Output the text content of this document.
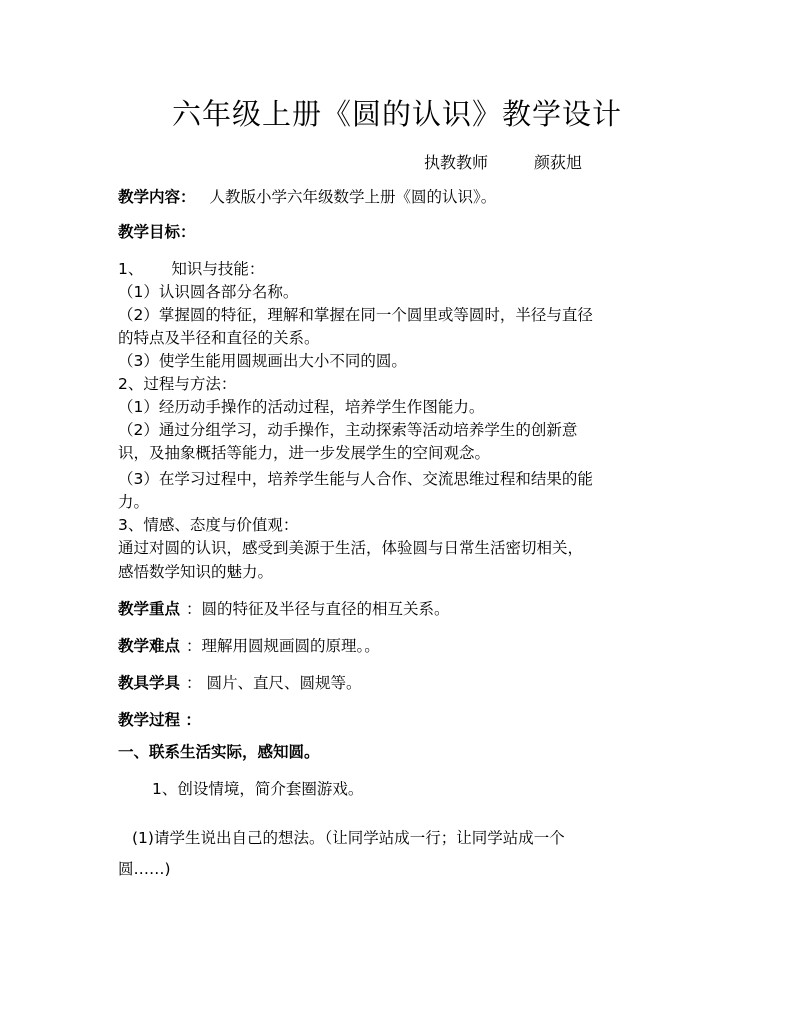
六年级上册《圆的认识》教学设计
执教教师	颜荻旭
教学内容： 人教版小学六年级数学上册《圆的认识》。
教学目标：
1、 知识与技能：
（1）认识圆各部分名称。
（2）掌握圆的特征，理解和掌握在同一个圆里或等圆时，半径与直径
的特点及半径和直径的关系。
（3）使学生能用圆规画出大小不同的圆。
2、过程与方法：
（1）经历动手操作的活动过程，培养学生作图能力。
（2）通过分组学习，动手操作，主动探索等活动培养学生的创新意
识，及抽象概括等能力，进一步发展学生的空间观念。
（3）在学习过程中，培养学生能与人合作、交流思维过程和结果的能
力。
3、情感、态度与价值观：
通过对圆的认识，感受到美源于生活，体验圆与日常生活密切相关，
感悟数学知识的魅力。
教学重点 ：圆的特征及半径与直径的相互关系。
教学难点 ：理解用圆规画圆的原理。。
教具学具 ： 圆片、直尺、圆规等。
教学过程 ：
一、联系生活实际，感知圆。
1、创设情境，简介套圈游戏。
(1)请学生说出自己的想法。（让同学站成一行；让同学站成一个
圆……)
